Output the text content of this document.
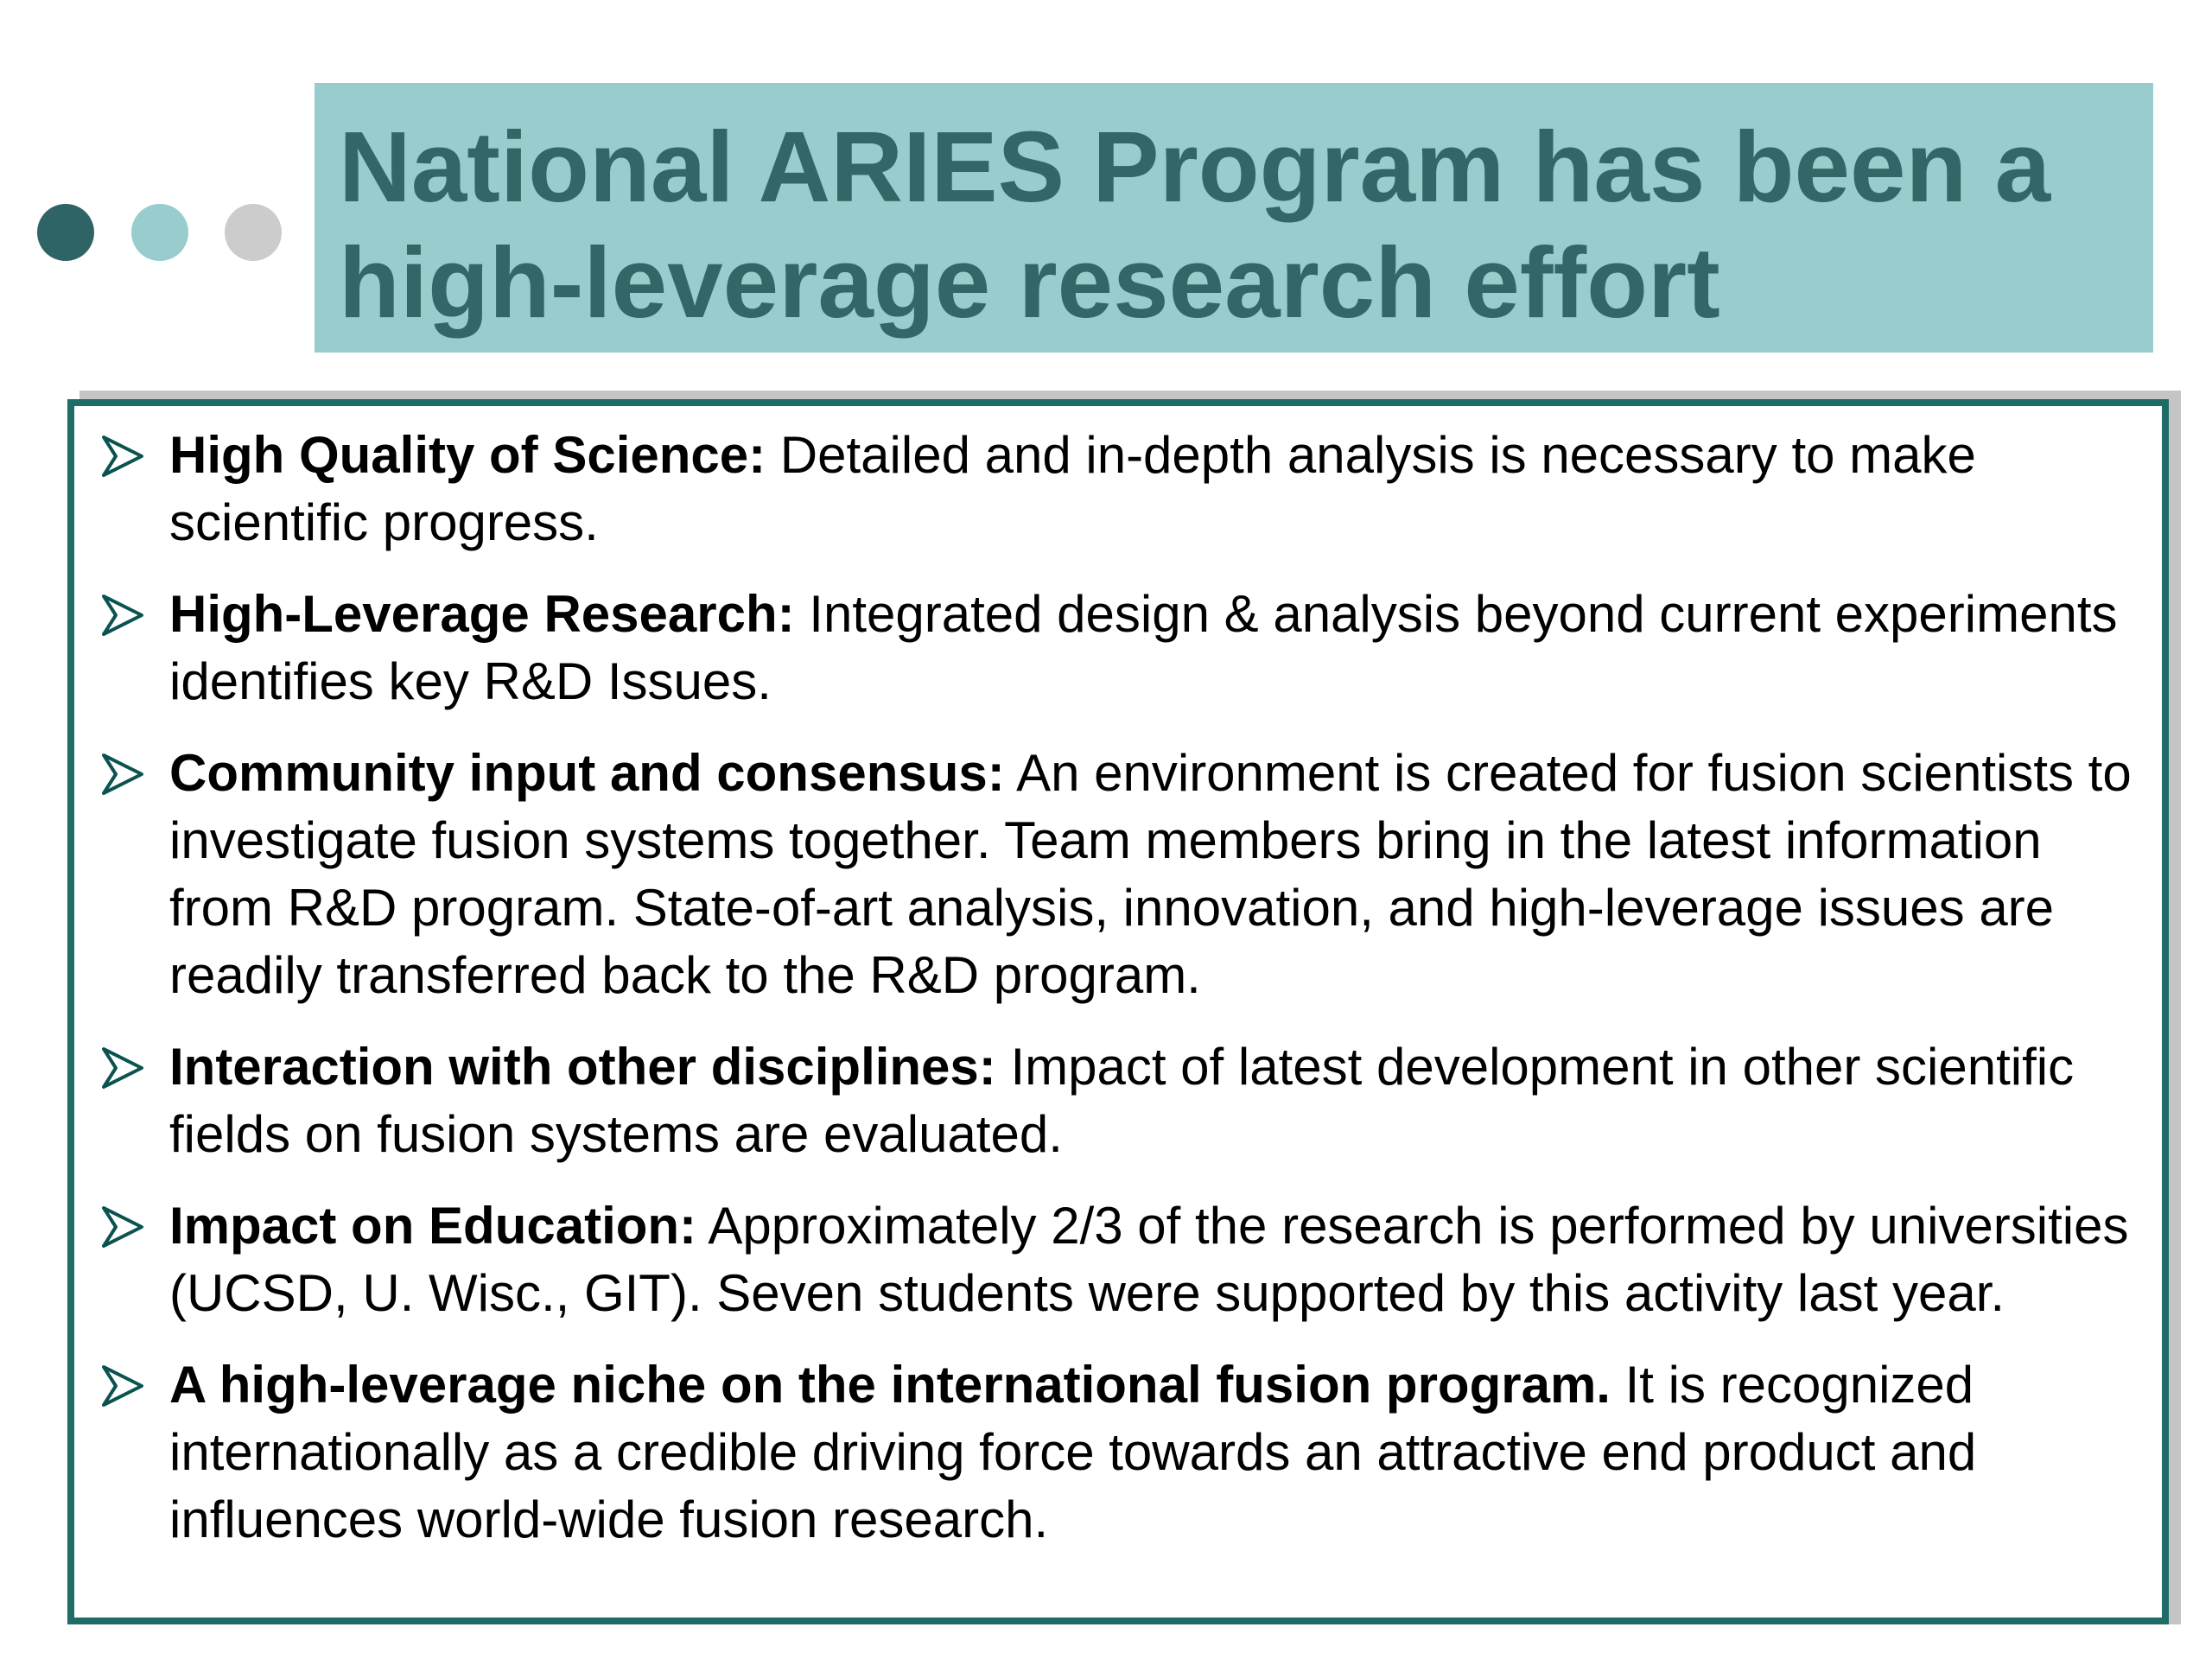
National ARIES Program has been a
high-leverage research effort
High Quality of Science: Detailed and in-depth analysis is necessary to make scientific progress.
High-Leverage Research: Integrated design & analysis beyond current experiments identifies key R&D Issues.
Community input and consensus: An environment is created for fusion scientists to investigate fusion systems together. Team members bring in the latest information from R&D program. State-of-art analysis, innovation, and high-leverage issues are readily transferred back to the R&D program.
Interaction with other disciplines: Impact of latest development in other scientific fields on fusion systems are evaluated.
Impact on Education: Approximately 2/3 of the research is performed by universities (UCSD, U. Wisc., GIT). Seven students were supported by this activity last year.
A high-leverage niche on the international fusion program. It is recognized internationally as a credible driving force towards an attractive end product and influences world-wide fusion research.
